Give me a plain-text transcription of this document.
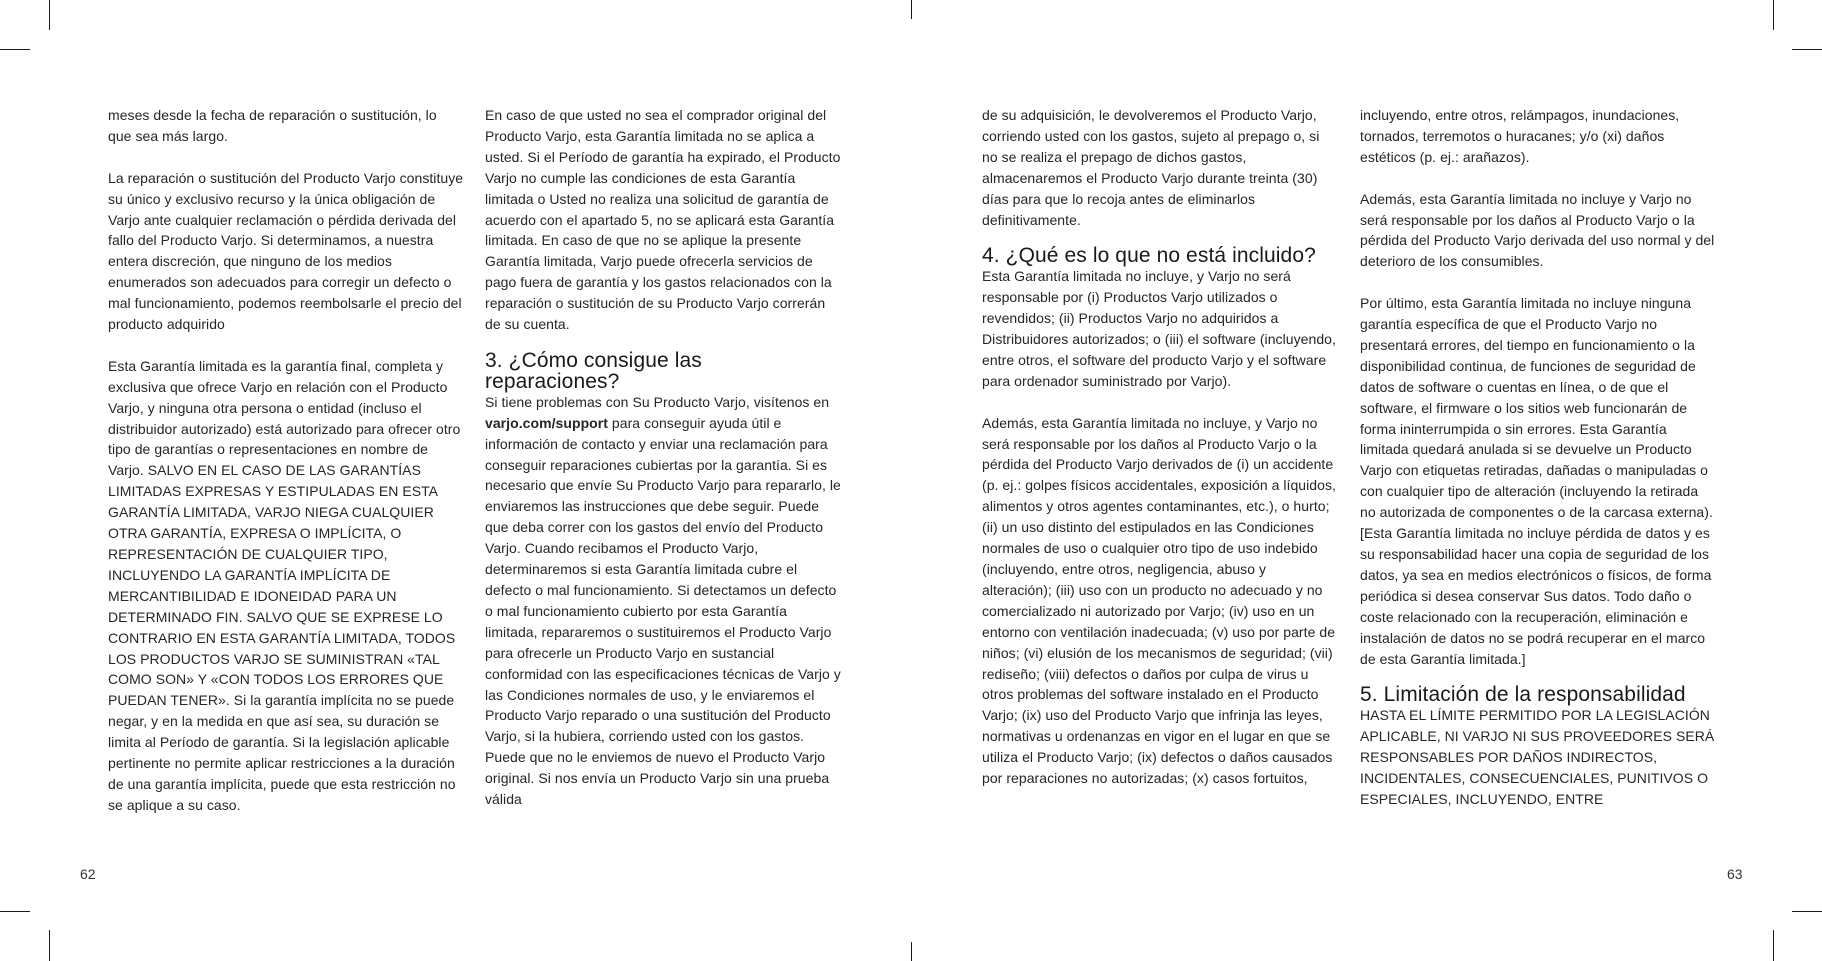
meses desde la fecha de reparación o sustitución, lo que sea más largo.

La reparación o sustitución del Producto Varjo constituye su único y exclusivo recurso y la única obligación de Varjo ante cualquier reclamación o pérdida derivada del fallo del Producto Varjo. Si determinamos, a nuestra entera discreción, que ninguno de los medios enumerados son adecuados para corregir un defecto o mal funcionamiento, podemos reembolsarle el precio del producto adquirido

Esta Garantía limitada es la garantía final, completa y exclusiva que ofrece Varjo en relación con el Producto Varjo, y ninguna otra persona o entidad (incluso el distribuidor autorizado) está autorizado para ofrecer otro tipo de garantías o representaciones en nombre de Varjo. SALVO EN EL CASO DE LAS GARANTÍAS LIMITADAS EXPRESAS Y ESTIPULADAS EN ESTA GARANTÍA LIMITADA, VARJO NIEGA CUALQUIER OTRA GARANTÍA, EXPRESA O IMPLÍCITA, O REPRESENTACIÓN DE CUALQUIER TIPO, INCLUYENDO LA GARANTÍA IMPLÍCITA DE MERCANTIBILIDAD E IDONEIDAD PARA UN DETERMINADO FIN. SALVO QUE SE EXPRESE LO CONTRARIO EN ESTA GARANTÍA LIMITADA, TODOS LOS PRODUCTOS VARJO SE SUMINISTRAN «TAL COMO SON» Y «CON TODOS LOS ERRORES QUE PUEDAN TENER». Si la garantía implícita no se puede negar, y en la medida en que así sea, su duración se limita al Período de garantía. Si la legislación aplicable pertinente no permite aplicar restricciones a la duración de una garantía implícita, puede que esta restricción no se aplique a su caso.

En caso de que usted no sea el comprador original del Producto Varjo, esta Garantía limitada no se aplica a usted. Si el Período de garantía ha expirado, el Producto Varjo no cumple las condiciones de esta Garantía limitada o Usted no realiza una solicitud de garantía de acuerdo con el apartado 5, no se aplicará esta Garantía limitada. En caso de que no se aplique la presente Garantía limitada, Varjo puede ofrecerla servicios de pago fuera de garantía y los gastos relacionados con la reparación o sustitución de su Producto Varjo correrán de su cuenta.

3. ¿Cómo consigue las reparaciones?

Si tiene problemas con Su Producto Varjo, visítenos en varjo.com/support para conseguir ayuda útil e información de contacto y enviar una reclamación para conseguir reparaciones cubiertas por la garantía. Si es necesario que envíe Su Producto Varjo para repararlo, le enviaremos las instrucciones que debe seguir. Puede que deba correr con los gastos del envío del Producto Varjo. Cuando recibamos el Producto Varjo, determinaremos si esta Garantía limitada cubre el defecto o mal funcionamiento. Si detectamos un defecto o mal funcionamiento cubierto por esta Garantía limitada, repararemos o sustituiremos el Producto Varjo para ofrecerle un Producto Varjo en sustancial conformidad con las especificaciones técnicas de Varjo y las Condiciones normales de uso, y le enviaremos el Producto Varjo reparado o una sustitución del Producto Varjo, si la hubiera, corriendo usted con los gastos. Puede que no le enviemos de nuevo el Producto Varjo original. Si nos envía un Producto Varjo sin una prueba válida

de su adquisición, le devolveremos el Producto Varjo, corriendo usted con los gastos, sujeto al prepago o, si no se realiza el prepago de dichos gastos, almacenaremos el Producto Varjo durante treinta (30) días para que lo recoja antes de eliminarlos definitivamente.

4. ¿Qué es lo que no está incluido?

Esta Garantía limitada no incluye, y Varjo no será responsable por (i) Productos Varjo utilizados o revendidos; (ii) Productos Varjo no adquiridos a Distribuidores autorizados; o (iii) el software (incluyendo, entre otros, el software del producto Varjo y el software para ordenador suministrado por Varjo).

Además, esta Garantía limitada no incluye, y Varjo no será responsable por los daños al Producto Varjo o la pérdida del Producto Varjo derivados de (i) un accidente (p. ej.: golpes físicos accidentales, exposición a líquidos, alimentos y otros agentes contaminantes, etc.), o hurto; (ii) un uso distinto del estipulados en las Condiciones normales de uso o cualquier otro tipo de uso indebido (incluyendo, entre otros, negligencia, abuso y alteración); (iii) uso con un producto no adecuado y no comercializado ni autorizado por Varjo; (iv) uso en un entorno con ventilación inadecuada; (v) uso por parte de niños; (vi) elusión de los mecanismos de seguridad; (vii) rediseño; (viii) defectos o daños por culpa de virus u otros problemas del software instalado en el Producto Varjo; (ix) uso del Producto Varjo que infrinja las leyes, normativas u ordenanzas en vigor en el lugar en que se utiliza el Producto Varjo; (ix) defectos o daños causados por reparaciones no autorizadas; (x) casos fortuitos,

incluyendo, entre otros, relámpagos, inundaciones, tornados, terremotos o huracanes; y/o (xi) daños estéticos (p. ej.: arañazos).

Además, esta Garantía limitada no incluye y Varjo no será responsable por los daños al Producto Varjo o la pérdida del Producto Varjo derivada del uso normal y del deterioro de los consumibles.

Por último, esta Garantía limitada no incluye ninguna garantía específica de que el Producto Varjo no presentará errores, del tiempo en funcionamiento o la disponibilidad continua, de funciones de seguridad de datos de software o cuentas en línea, o de que el software, el firmware o los sitios web funcionarán de forma ininterrumpida o sin errores. Esta Garantía limitada quedará anulada si se devuelve un Producto Varjo con etiquetas retiradas, dañadas o manipuladas o con cualquier tipo de alteración (incluyendo la retirada no autorizada de componentes o de la carcasa externa). [Esta Garantía limitada no incluye pérdida de datos y es su responsabilidad hacer una copia de seguridad de los datos, ya sea en medios electrónicos o físicos, de forma periódica si desea conservar Sus datos. Todo daño o coste relacionado con la recuperación, eliminación e instalación de datos no se podrá recuperar en el marco de esta Garantía limitada.]

5. Limitación de la responsabilidad

HASTA EL LÍMITE PERMITIDO POR LA LEGISLACIÓN APLICABLE, NI VARJO NI SUS PROVEEDORES SERÁ RESPONSABLES POR DAÑOS INDIRECTOS, INCIDENTALES, CONSECUENCIALES, PUNITIVOS O ESPECIALES, INCLUYENDO, ENTRE

62	63
